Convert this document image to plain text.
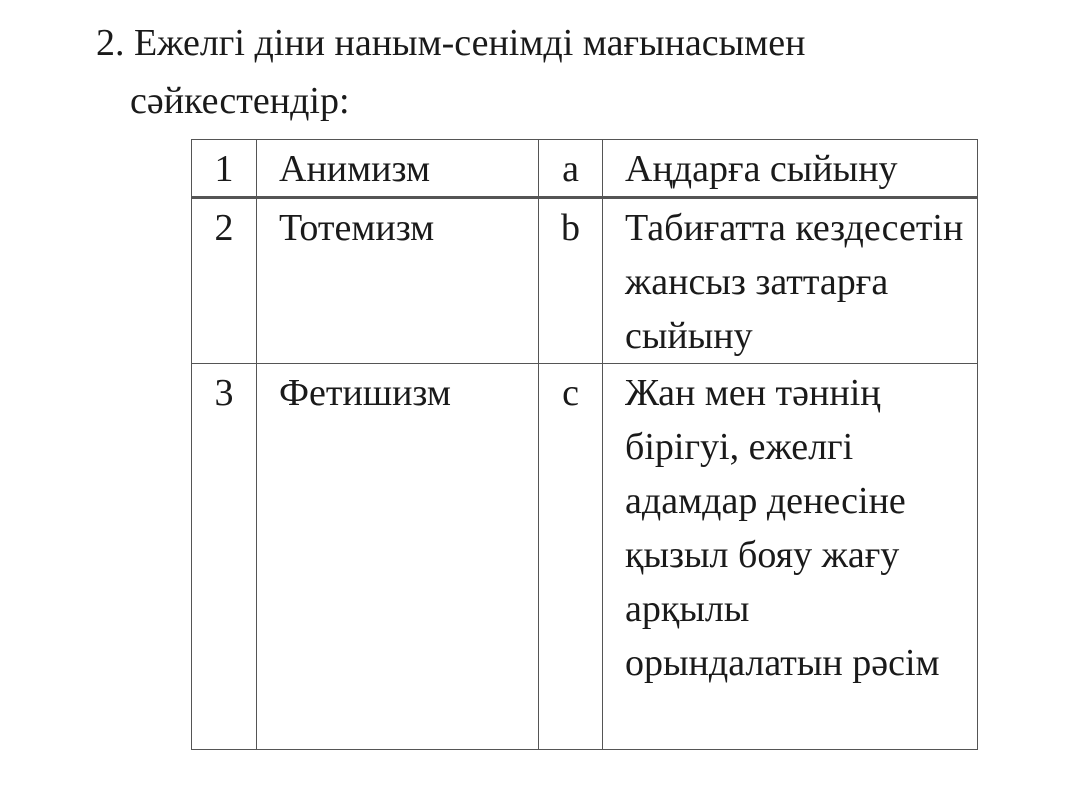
2. Ежелгі діни наным-сенімді мағынасымен
сәйкестендір:
1	Анимизм	a	Аңдарға сыйыну
2	Тотемизм	b	Табиғатта кездесетін жансыз заттарға сыйыну
3	Фетишизм	c	Жан мен тәннің бірігуі, ежелгі адамдар денесіне қызыл бояу жағу арқылы орындалатын рәсім
